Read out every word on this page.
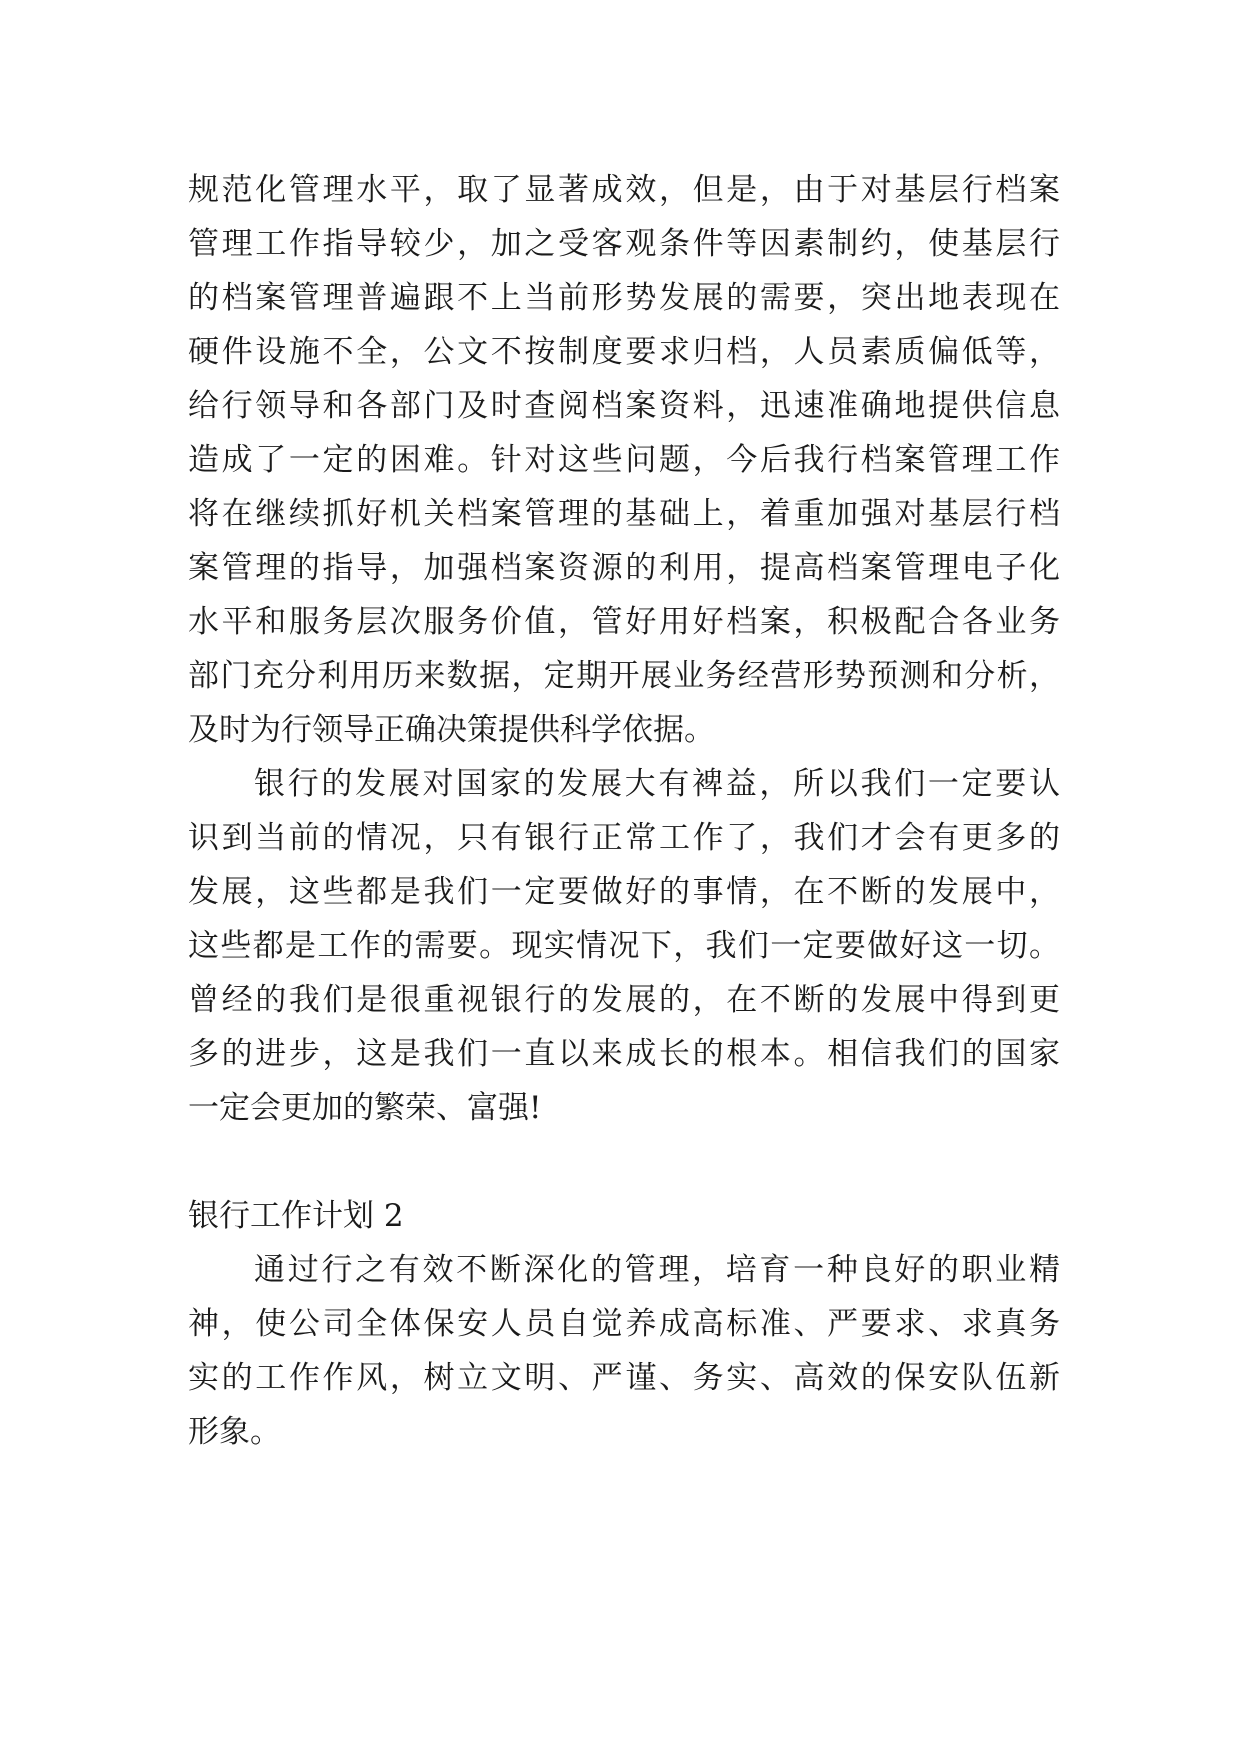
规范化管理水平，取了显著成效，但是，由于对基层行档案
管理工作指导较少，加之受客观条件等因素制约，使基层行
的档案管理普遍跟不上当前形势发展的需要，突出地表现在
硬件设施不全，公文不按制度要求归档，人员素质偏低等，
给行领导和各部门及时查阅档案资料，迅速准确地提供信息
造成了一定的困难。针对这些问题，今后我行档案管理工作
将在继续抓好机关档案管理的基础上，着重加强对基层行档
案管理的指导，加强档案资源的利用，提高档案管理电子化
水平和服务层次服务价值，管好用好档案，积极配合各业务
部门充分利用历来数据，定期开展业务经营形势预测和分析，
及时为行领导正确决策提供科学依据。
银行的发展对国家的发展大有裨益，所以我们一定要认
识到当前的情况，只有银行正常工作了，我们才会有更多的
发展，这些都是我们一定要做好的事情，在不断的发展中，
这些都是工作的需要。现实情况下，我们一定要做好这一切。
曾经的我们是很重视银行的发展的，在不断的发展中得到更
多的进步，这是我们一直以来成长的根本。相信我们的国家
一定会更加的繁荣、富强!
银行工作计划 2
通过行之有效不断深化的管理，培育一种良好的职业精
神，使公司全体保安人员自觉养成高标准、严要求、求真务
实的工作作风，树立文明、严谨、务实、高效的保安队伍新
形象。
